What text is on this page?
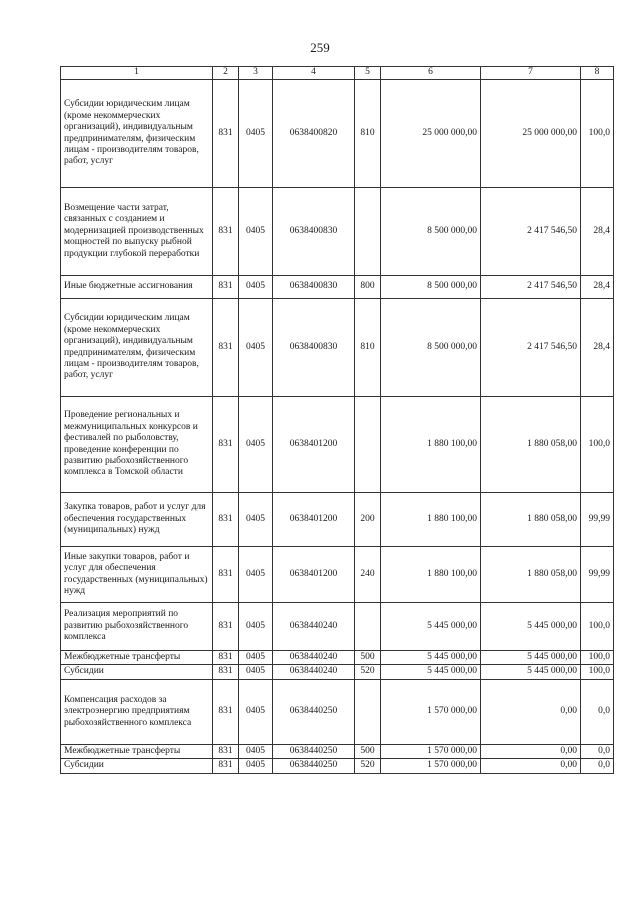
259
1	2	3	4	5	6	7	8
Субсидии юридическим лицам (кроме некоммерческих организаций), индивидуальным предпринимателям, физическим лицам - производителям товаров, работ, услуг	831	0405	0638400820	810	25 000 000,00	25 000 000,00	100,0
Возмещение части затрат, связанных с созданием и модернизацией производственных мощностей по выпуску рыбной продукции глубокой переработки	831	0405	0638400830		8 500 000,00	2 417 546,50	28,4
Иные бюджетные ассигнования	831	0405	0638400830	800	8 500 000,00	2 417 546,50	28,4
Субсидии юридическим лицам (кроме некоммерческих организаций), индивидуальным предпринимателям, физическим лицам - производителям товаров, работ, услуг	831	0405	0638400830	810	8 500 000,00	2 417 546,50	28,4
Проведение региональных и межмуниципальных конкурсов и фестивалей по рыболовству, проведение конференции по развитию рыбохозяйственного комплекса в Томской области	831	0405	0638401200		1 880 100,00	1 880 058,00	100,0
Закупка товаров, работ и услуг для обеспечения государственных (муниципальных) нужд	831	0405	0638401200	200	1 880 100,00	1 880 058,00	99,99
Иные закупки товаров, работ и услуг для обеспечения государственных (муниципальных) нужд	831	0405	0638401200	240	1 880 100,00	1 880 058,00	99,99
Реализация мероприятий по развитию рыбохозяйственного комплекса	831	0405	0638440240		5 445 000,00	5 445 000,00	100,0
Межбюджетные трансферты	831	0405	0638440240	500	5 445 000,00	5 445 000,00	100,0
Субсидии	831	0405	0638440240	520	5 445 000,00	5 445 000,00	100,0
Компенсация расходов за электроэнергию предприятиям рыбохозяйственного комплекса	831	0405	0638440250		1 570 000,00	0,00	0,0
Межбюджетные трансферты	831	0405	0638440250	500	1 570 000,00	0,00	0,0
Субсидии	831	0405	0638440250	520	1 570 000,00	0,00	0,0
